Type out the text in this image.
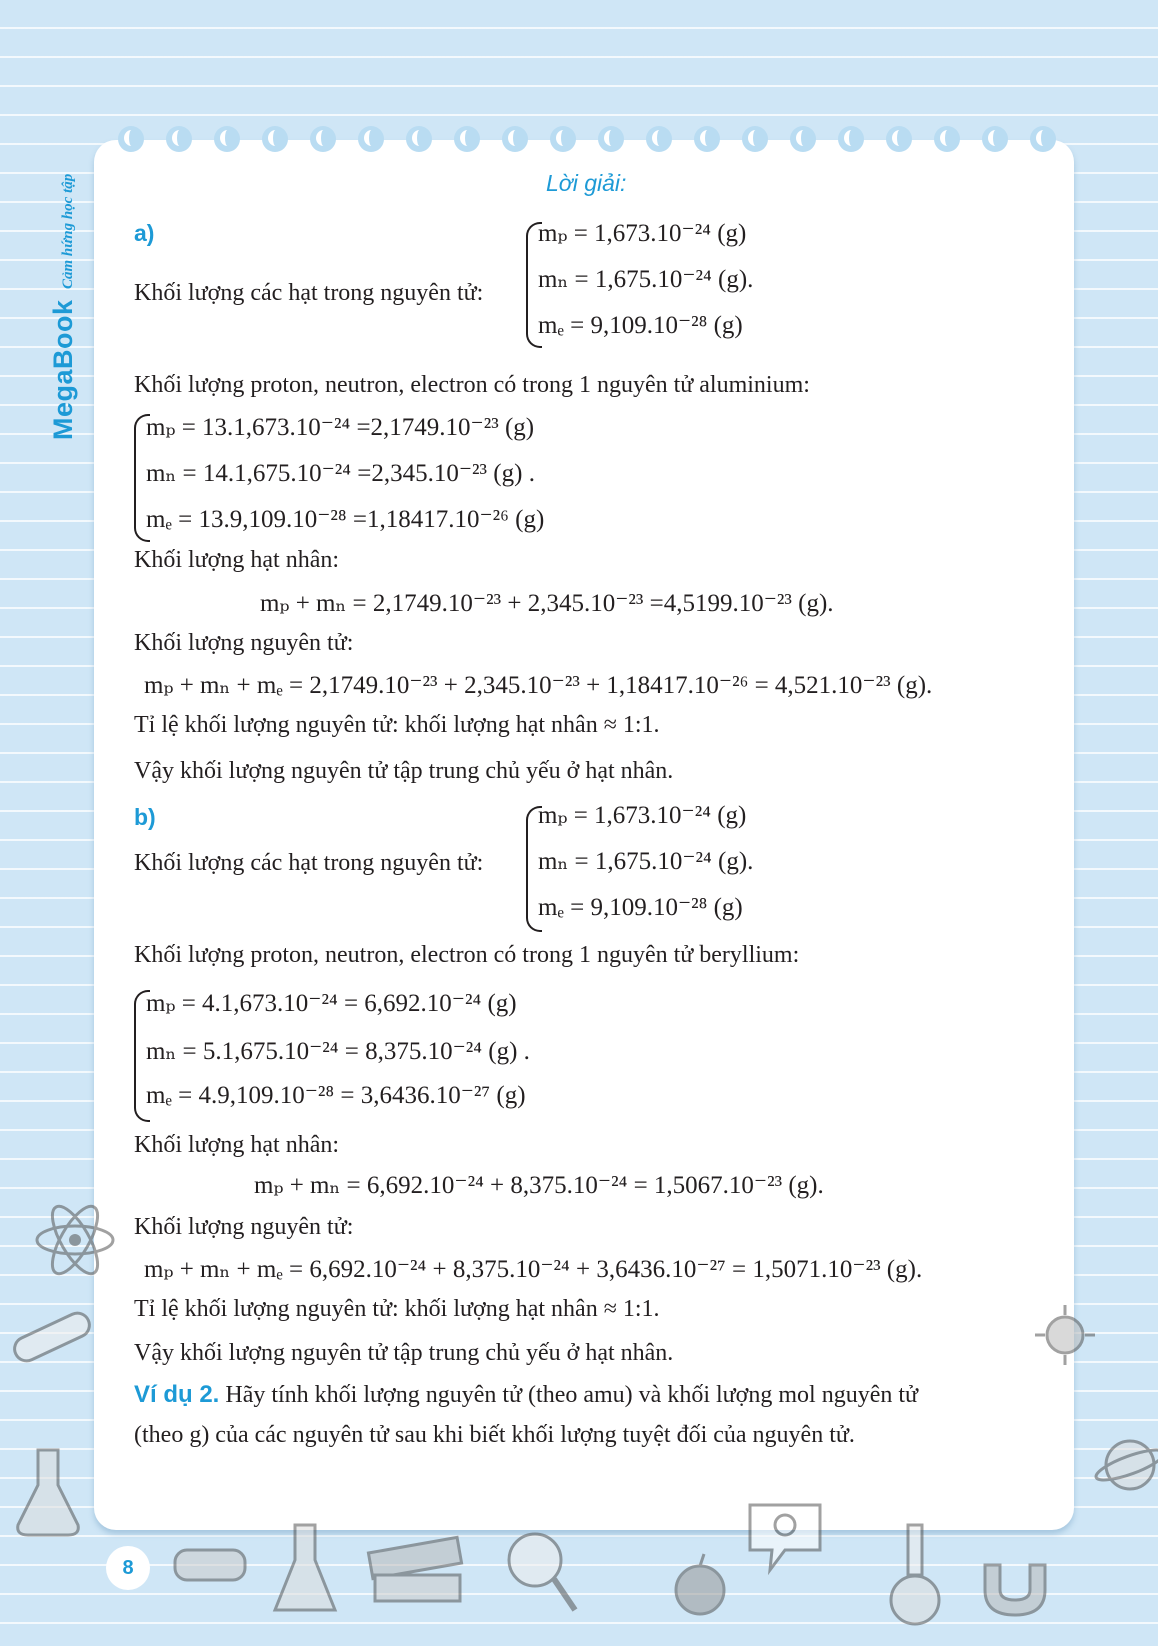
MegaBook Cảm hứng học tập	Lời giải:
a)
Khối lượng các hạt trong nguyên tử:
mₚ = 1,673.10⁻²⁴ (g)
mₙ = 1,675.10⁻²⁴ (g).
mₑ = 9,109.10⁻²⁸ (g)
Khối lượng proton, neutron, electron có trong 1 nguyên tử aluminium:
mₚ = 13.1,673.10⁻²⁴ =2,1749.10⁻²³ (g)
mₙ = 14.1,675.10⁻²⁴ =2,345.10⁻²³ (g) .
mₑ = 13.9,109.10⁻²⁸ =1,18417.10⁻²⁶ (g)
Khối lượng hạt nhân:
mₚ + mₙ = 2,1749.10⁻²³ + 2,345.10⁻²³ =4,5199.10⁻²³ (g).
Khối lượng nguyên tử:
mₚ + mₙ + mₑ = 2,1749.10⁻²³ + 2,345.10⁻²³ + 1,18417.10⁻²⁶ = 4,521.10⁻²³ (g).
Tỉ lệ khối lượng nguyên tử: khối lượng hạt nhân ≈ 1:1.
Vậy khối lượng nguyên tử tập trung chủ yếu ở hạt nhân.
b)
Khối lượng các hạt trong nguyên tử:
mₚ = 1,673.10⁻²⁴ (g)
mₙ = 1,675.10⁻²⁴ (g).
mₑ = 9,109.10⁻²⁸ (g)
Khối lượng proton, neutron, electron có trong 1 nguyên tử beryllium:
mₚ = 4.1,673.10⁻²⁴ = 6,692.10⁻²⁴ (g)
mₙ = 5.1,675.10⁻²⁴ = 8,375.10⁻²⁴ (g) .
mₑ = 4.9,109.10⁻²⁸ = 3,6436.10⁻²⁷ (g)
Khối lượng hạt nhân:
mₚ + mₙ = 6,692.10⁻²⁴ + 8,375.10⁻²⁴ = 1,5067.10⁻²³ (g).
Khối lượng nguyên tử:
mₚ + mₙ + mₑ = 6,692.10⁻²⁴ + 8,375.10⁻²⁴ + 3,6436.10⁻²⁷ = 1,5071.10⁻²³ (g).
Tỉ lệ khối lượng nguyên tử: khối lượng hạt nhân ≈ 1:1.
Vậy khối lượng nguyên tử tập trung chủ yếu ở hạt nhân.
Ví dụ 2. Hãy tính khối lượng nguyên tử (theo amu) và khối lượng mol nguyên tử
(theo g) của các nguyên tử sau khi biết khối lượng tuyệt đối của nguyên tử.
8
